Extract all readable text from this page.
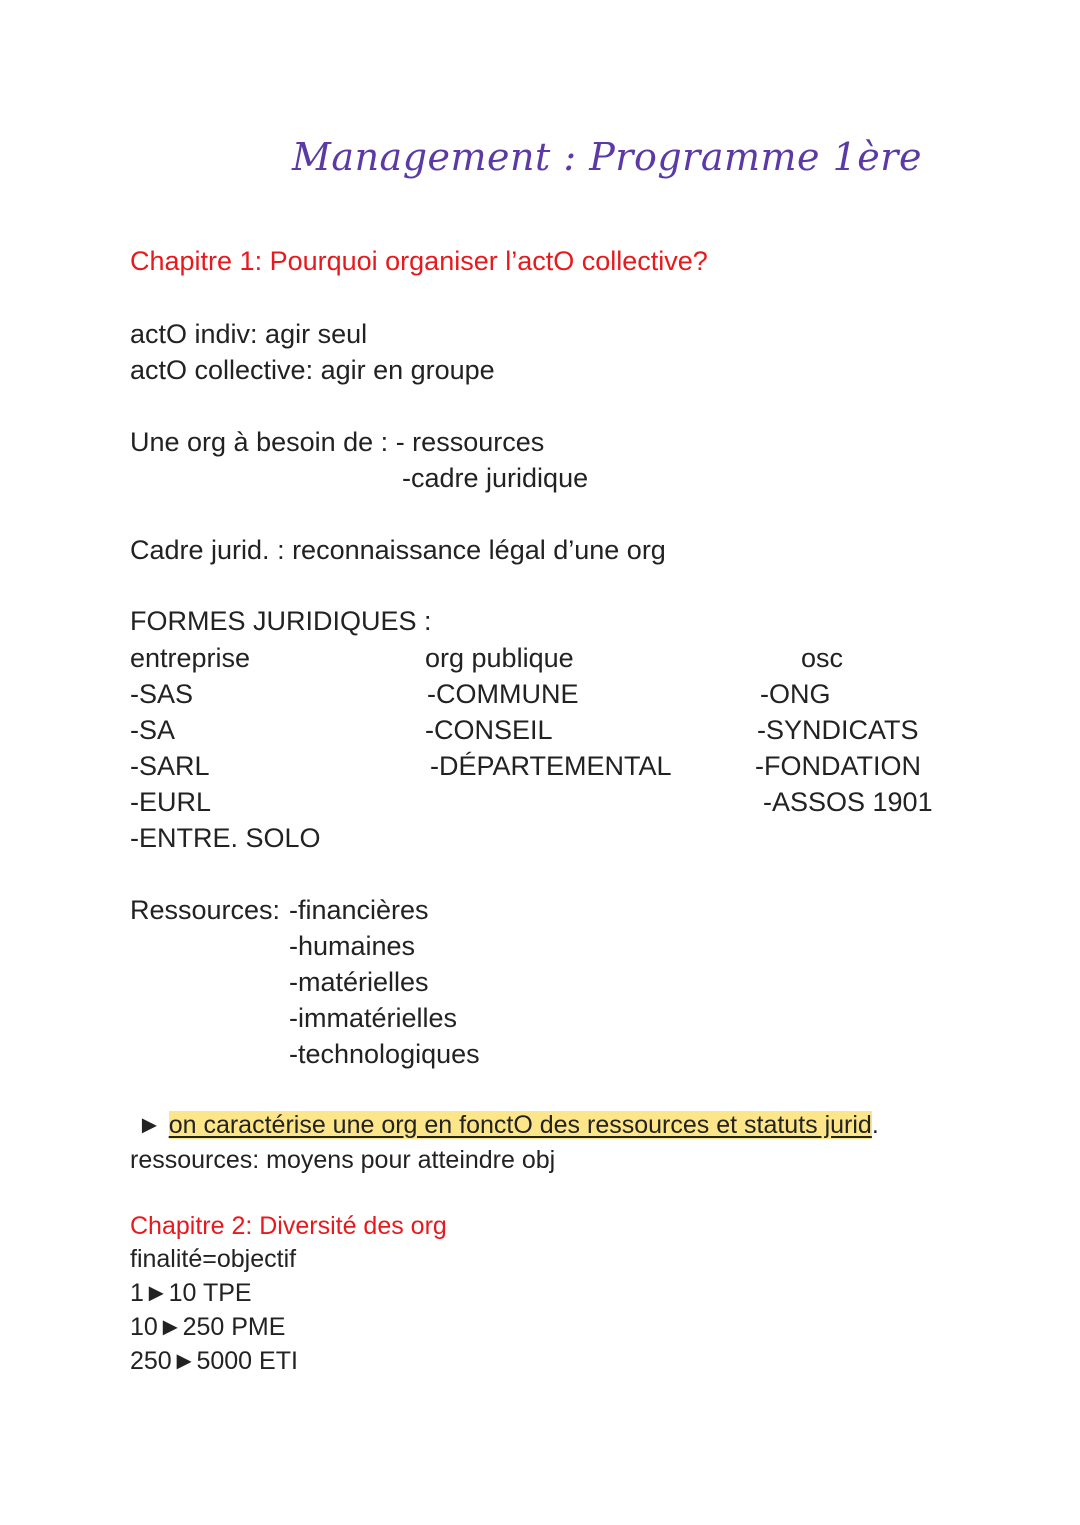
Management : Programme 1ère
Chapitre 1: Pourquoi organiser l’actO collective?
actO indiv: agir seul
actO collective: agir en groupe
Une org à besoin de : - ressources
-cadre juridique
Cadre jurid. : reconnaissance légal d’une org
FORMES JURIDIQUES :
entreprise
-SAS
-SA
-SARL
-EURL
-ENTRE. SOLO
org publique
-COMMUNE
-CONSEIL
-DÉPARTEMENTAL
osc
-ONG
-SYNDICATS
-FONDATION
-ASSOS 1901
Ressources: -financières
-humaines
-matérielles
-immatérielles
-technologiques
► on caractérise une org en fonctO des ressources et statuts jurid.
ressources: moyens pour atteindre obj
Chapitre 2: Diversité des org
finalité=objectif
1►10 TPE
10►250 PME
250►5000 ETI
